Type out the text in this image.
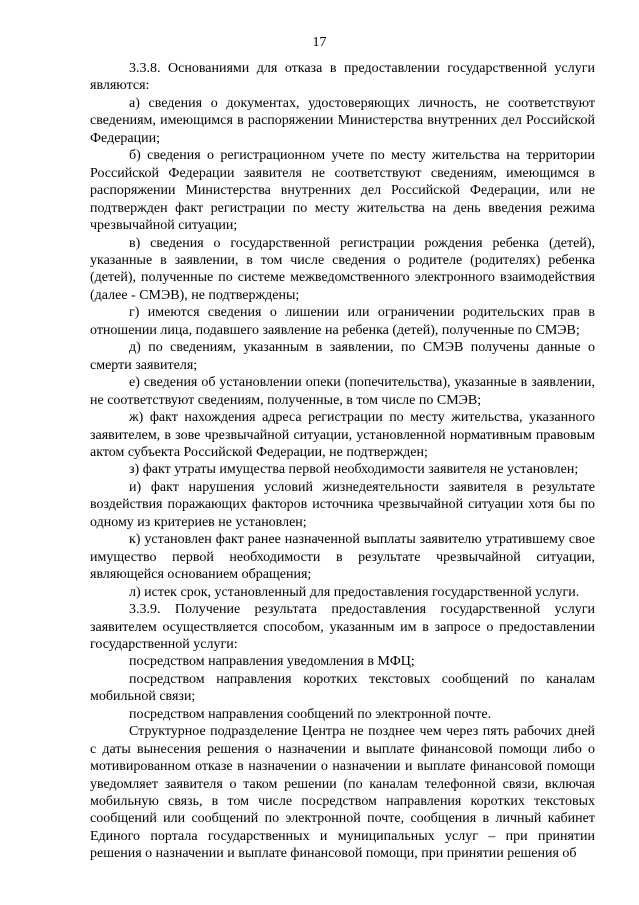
17

3.3.8. Основаниями для отказа в предоставлении государственной услуги являются:

а) сведения о документах, удостоверяющих личность, не соответствуют сведениям, имеющимся в распоряжении Министерства внутренних дел Российской Федерации;

б) сведения о регистрационном учете по месту жительства на территории Российской Федерации заявителя не соответствуют сведениям, имеющимся в распоряжении Министерства внутренних дел Российской Федерации, или не подтвержден факт регистрации по месту жительства на день введения режима чрезвычайной ситуации;

в) сведения о государственной регистрации рождения ребенка (детей), указанные в заявлении, в том числе сведения о родителе (родителях) ребенка (детей), полученные по системе межведомственного электронного взаимодействия (далее - СМЭВ), не подтверждены;

г) имеются сведения о лишении или ограничении родительских прав в отношении лица, подавшего заявление на ребенка (детей), полученные по СМЭВ;

д) по сведениям, указанным в заявлении, по СМЭВ получены данные о смерти заявителя;

е) сведения об установлении опеки (попечительства), указанные в заявлении, не соответствуют сведениям, полученные, в том числе по СМЭВ;

ж) факт нахождения адреса регистрации по месту жительства, указанного заявителем, в зове чрезвычайной ситуации, установленной нормативным правовым актом субъекта Российской Федерации, не подтвержден;

з) факт утраты имущества первой необходимости заявителя не установлен;

и) факт нарушения условий жизнедеятельности заявителя в результате воздействия поражающих факторов источника чрезвычайной ситуации хотя бы по одному из критериев не установлен;

к) установлен факт ранее назначенной выплаты заявителю утратившему свое имущество первой необходимости в результате чрезвычайной ситуации, являющейся основанием обращения;

л) истек срок, установленный для предоставления государственной услуги.

3.3.9. Получение результата предоставления государственной услуги заявителем осуществляется способом, указанным им в запросе о предоставлении государственной услуги:

посредством направления уведомления в МФЦ;

посредством направления коротких текстовых сообщений по каналам мобильной связи;

посредством направления сообщений по электронной почте.

Структурное подразделение Центра не позднее чем через пять рабочих дней с даты вынесения решения о назначении и выплате финансовой помощи либо о мотивированном отказе в назначении о назначении и выплате финансовой помощи уведомляет заявителя о таком решении (по каналам телефонной связи, включая мобильную связь, в том числе посредством направления коротких текстовых сообщений или сообщений по электронной почте, сообщения в личный кабинет Единого портала государственных и муниципальных услуг – при принятии решения о назначении и выплате финансовой помощи, при принятии решения об
